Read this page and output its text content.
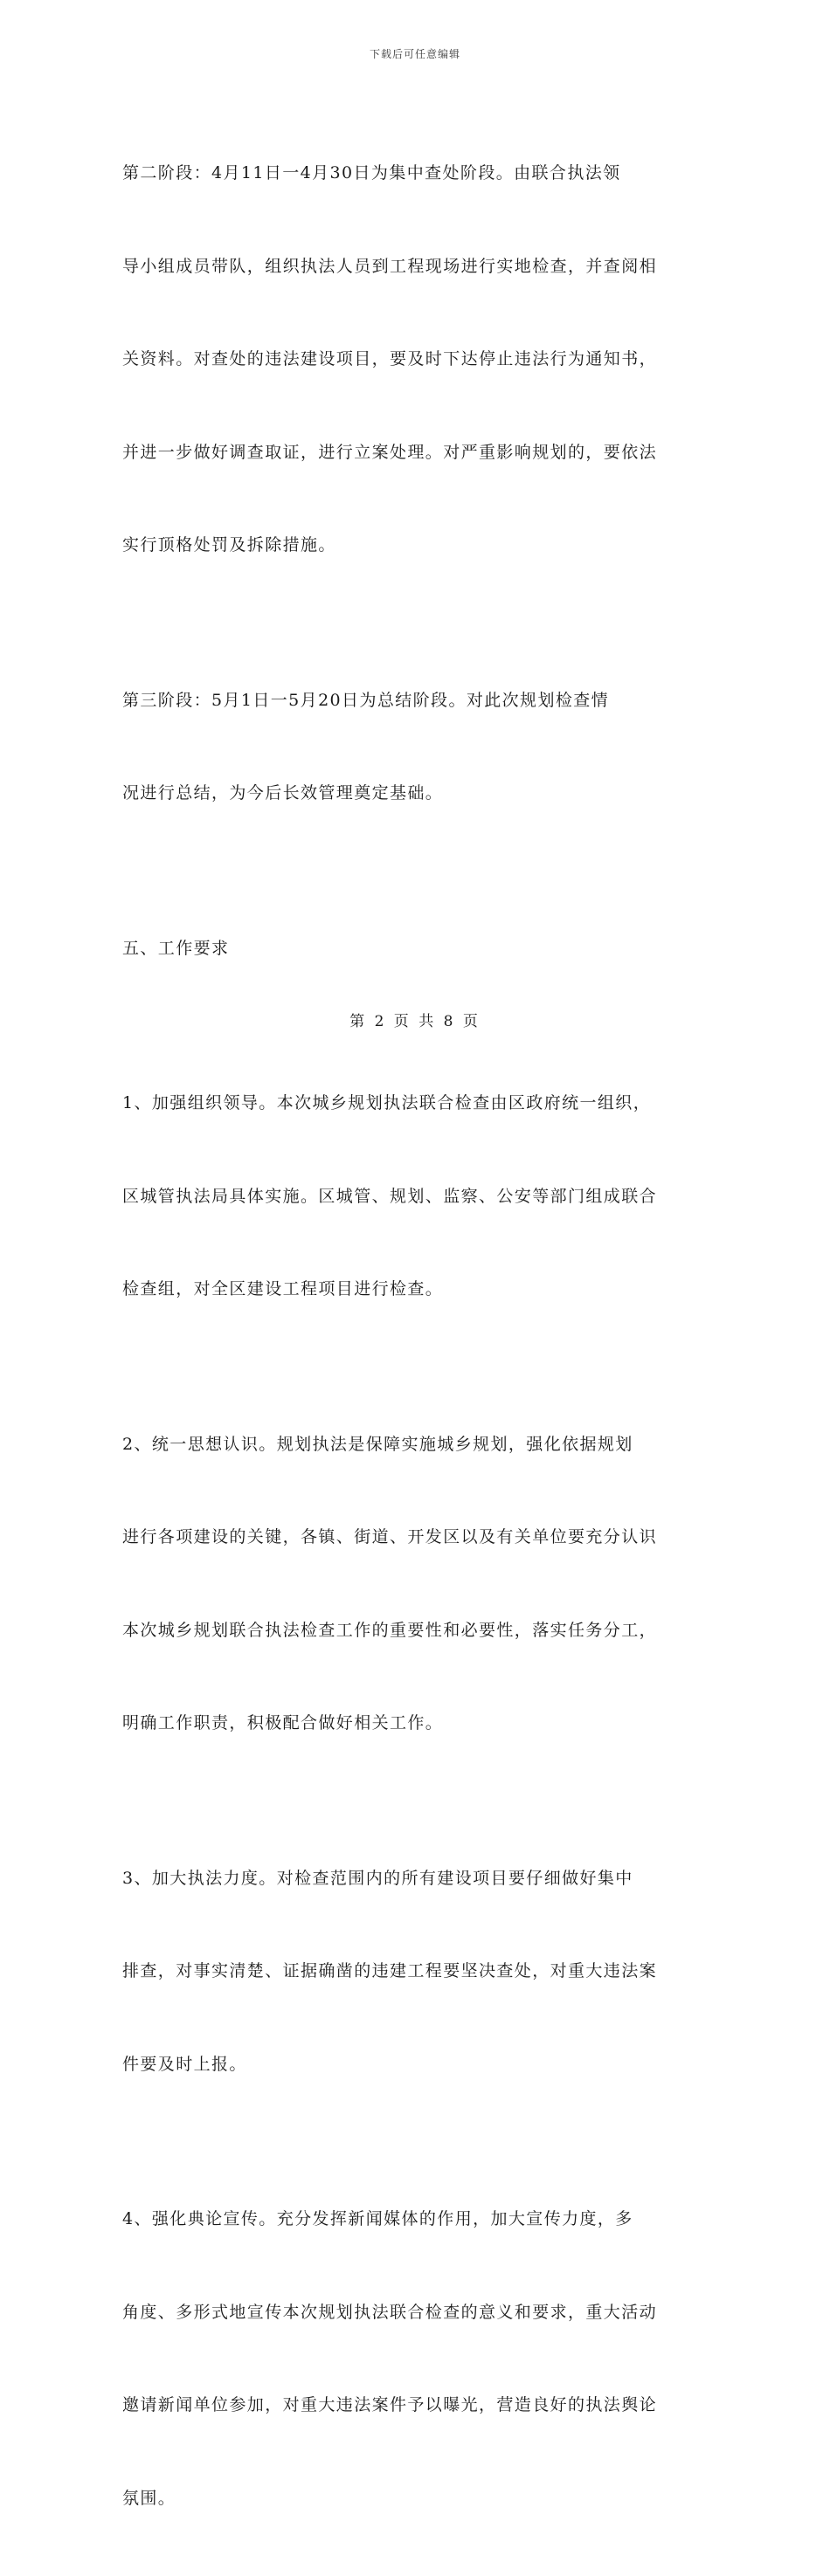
下载后可任意编辑

第二阶段：4月11日一4月30日为集中查处阶段。由联合执法领

导小组成员带队，组织执法人员到工程现场进行实地检查，并查阅相

关资料。对查处的违法建设项目，要及时下达停止违法行为通知书，

并进一步做好调查取证，进行立案处理。对严重影响规划的，要依法

实行顶格处罚及拆除措施。

第三阶段：5月1日一5月20日为总结阶段。对此次规划检查情

况进行总结，为今后长效管理奠定基础。

五、工作要求

1、加强组织领导。本次城乡规划执法联合检查由区政府统一组织，

区城管执法局具体实施。区城管、规划、监察、公安等部门组成联合

检查组，对全区建设工程项目进行检查。

2、统一思想认识。规划执法是保障实施城乡规划，强化依据规划

进行各项建设的关键，各镇、街道、开发区以及有关单位要充分认识

本次城乡规划联合执法检查工作的重要性和必要性，落实任务分工，

明确工作职责，积极配合做好相关工作。

3、加大执法力度。对检查范围内的所有建设项目要仔细做好集中

排查，对事实清楚、证据确凿的违建工程要坚决查处，对重大违法案

件要及时上报。

4、强化典论宣传。充分发挥新闻媒体的作用，加大宣传力度，多

角度、多形式地宣传本次规划执法联合检查的意义和要求，重大活动

邀请新闻单位参加，对重大违法案件予以曝光，营造良好的执法舆论

氛围。

第 2 页 共 8 页
